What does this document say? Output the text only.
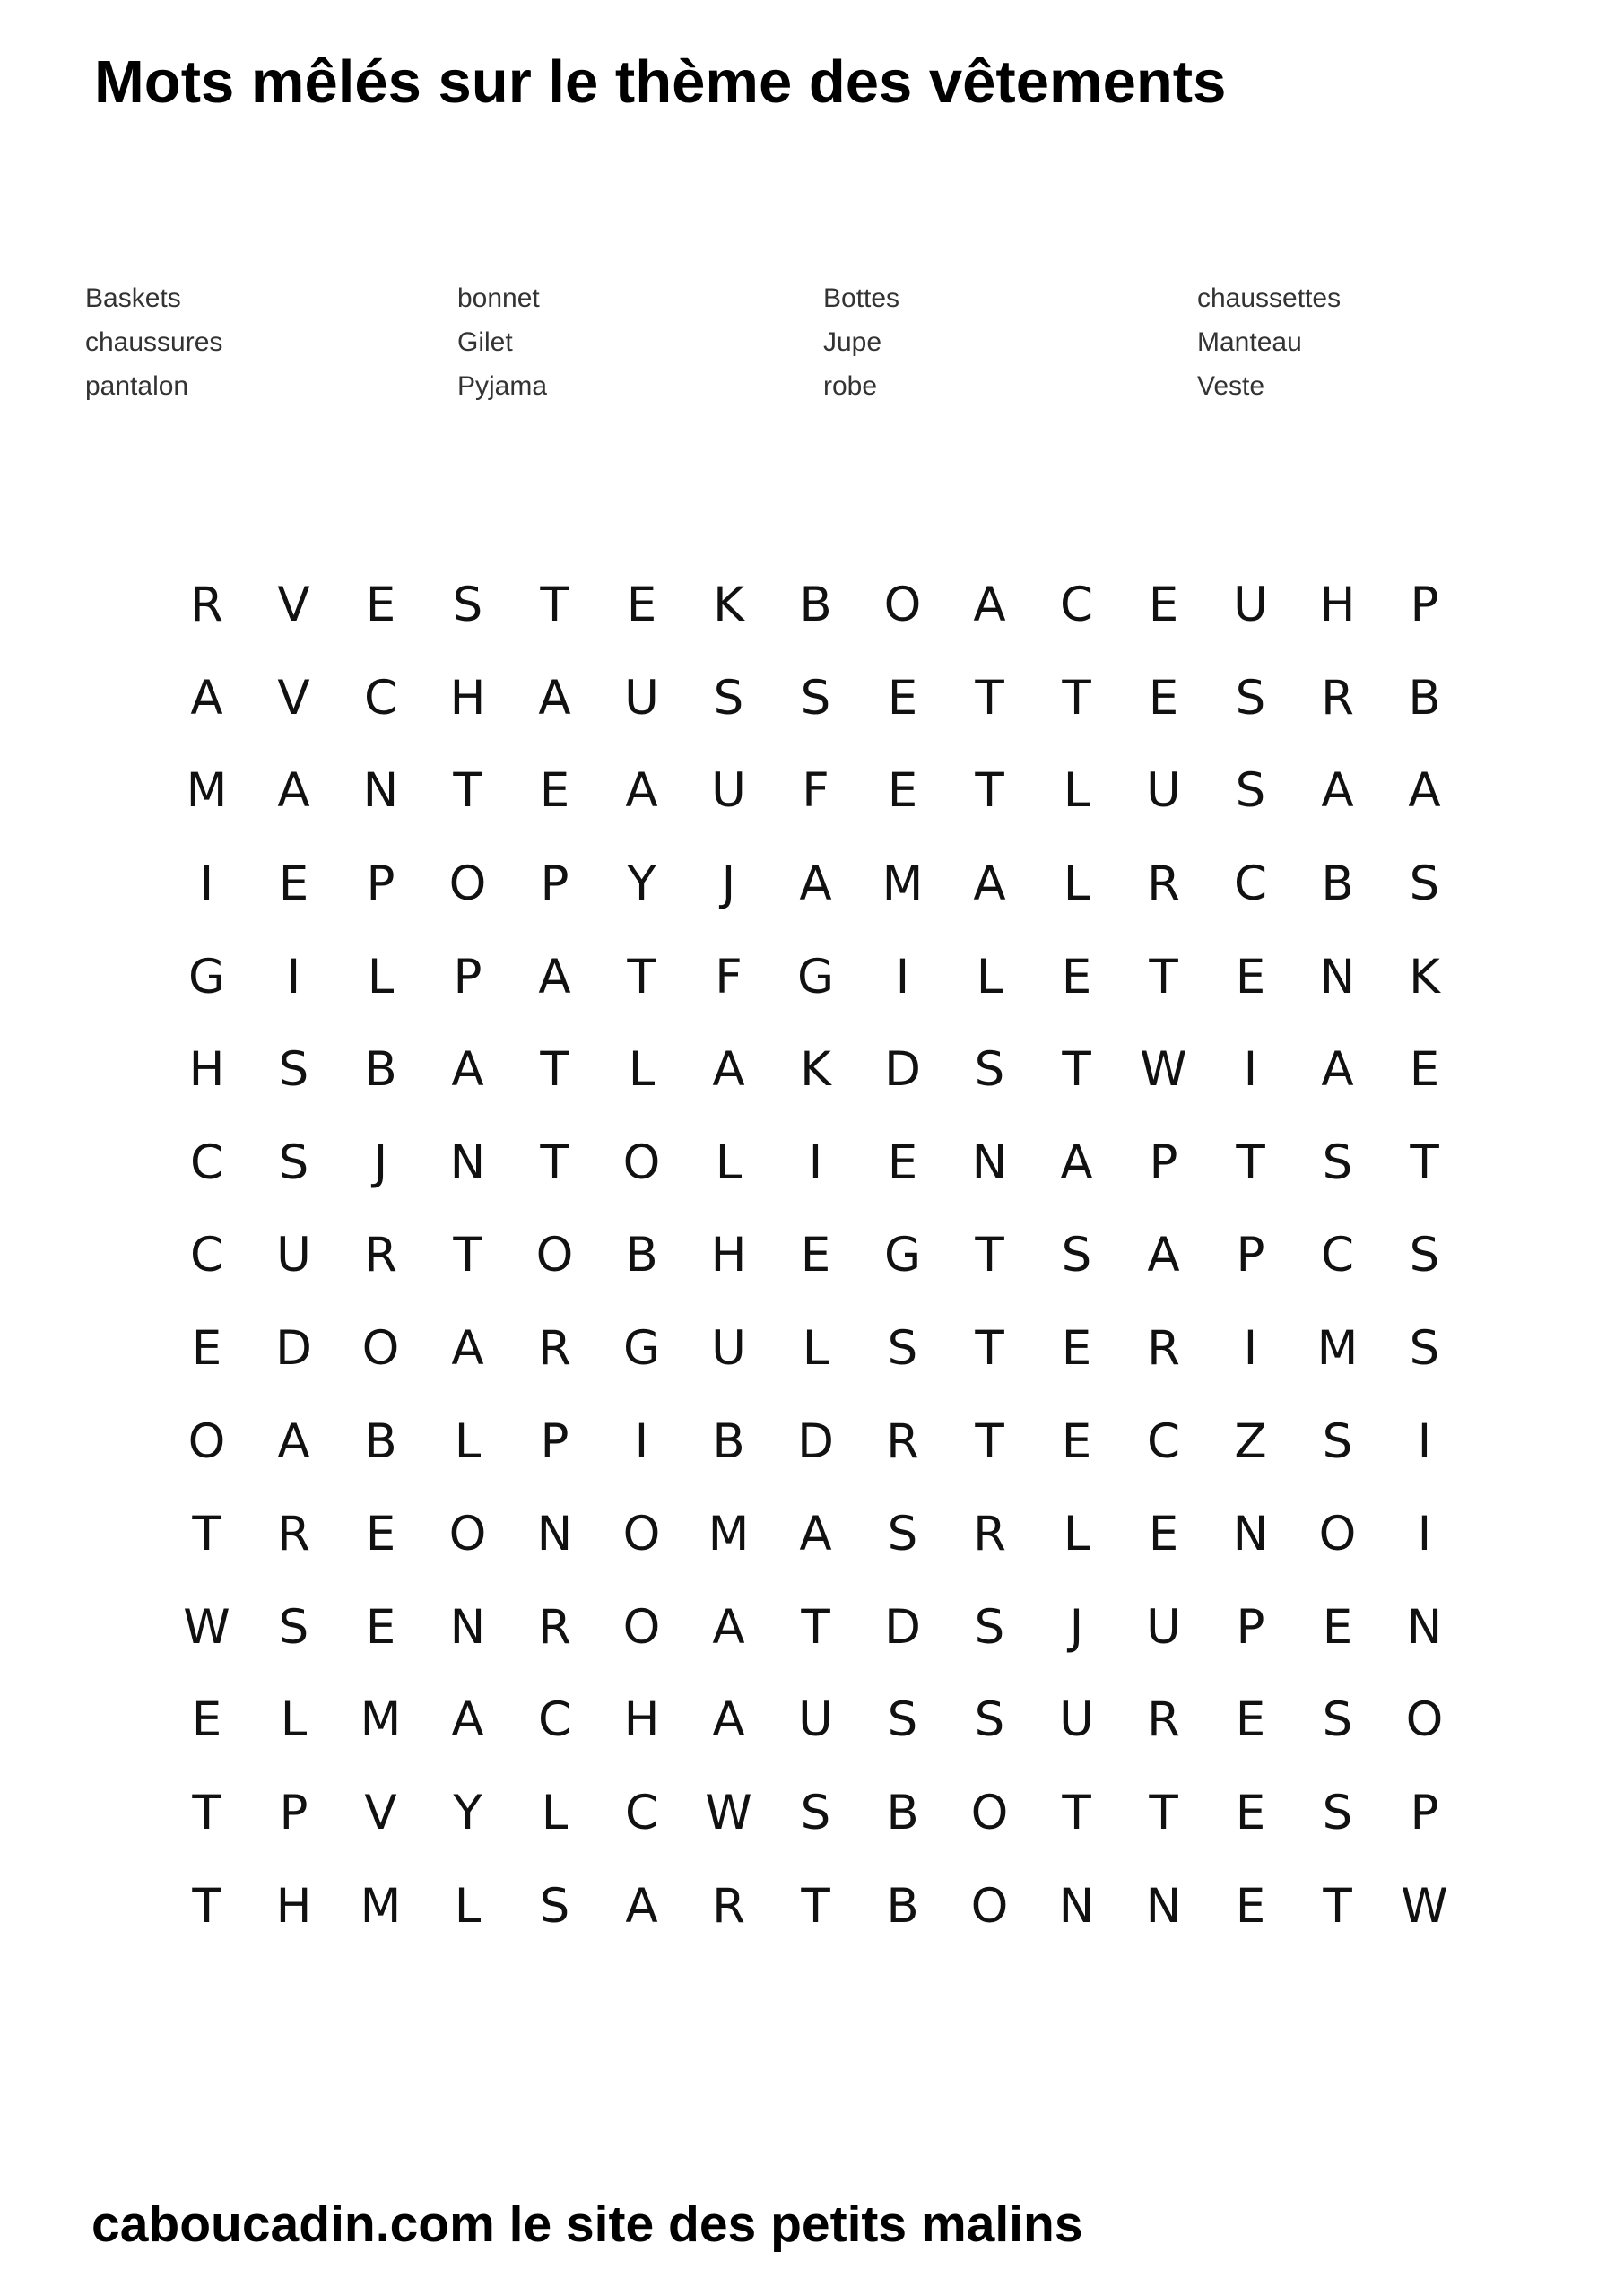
Mots mêlés sur le thème des vêtements
Baskets
chaussures
pantalon
bonnet
Gilet
Pyjama
Bottes
Jupe
robe
chaussettes
Manteau
Veste
R	V	E	S	T	E	K	B	O	A	C	E	U	H	P
A	V	C	H	A	U	S	S	E	T	T	E	S	R	B
M	A	N	T	E	A	U	F	E	T	L	U	S	A	A
I	E	P	O	P	Y	J	A	M	A	L	R	C	B	S
G	I	L	P	A	T	F	G	I	L	E	T	E	N	K
H	S	B	A	T	L	A	K	D	S	T	W	I	A	E
C	S	J	N	T	O	L	I	E	N	A	P	T	S	T
C	U	R	T	O	B	H	E	G	T	S	A	P	C	S
E	D	O	A	R	G	U	L	S	T	E	R	I	M	S
O	A	B	L	P	I	B	D	R	T	E	C	Z	S	I
T	R	E	O	N	O	M	A	S	R	L	E	N	O	I
W	S	E	N	R	O	A	T	D	S	J	U	P	E	N
E	L	M	A	C	H	A	U	S	S	U	R	E	S	O
T	P	V	Y	L	C W	S	B	O	T	T	E	S	P
T	H	M	L	S	A	R	T	B	O	N	N	E	T	W
caboucadin.com le site des petits malins
